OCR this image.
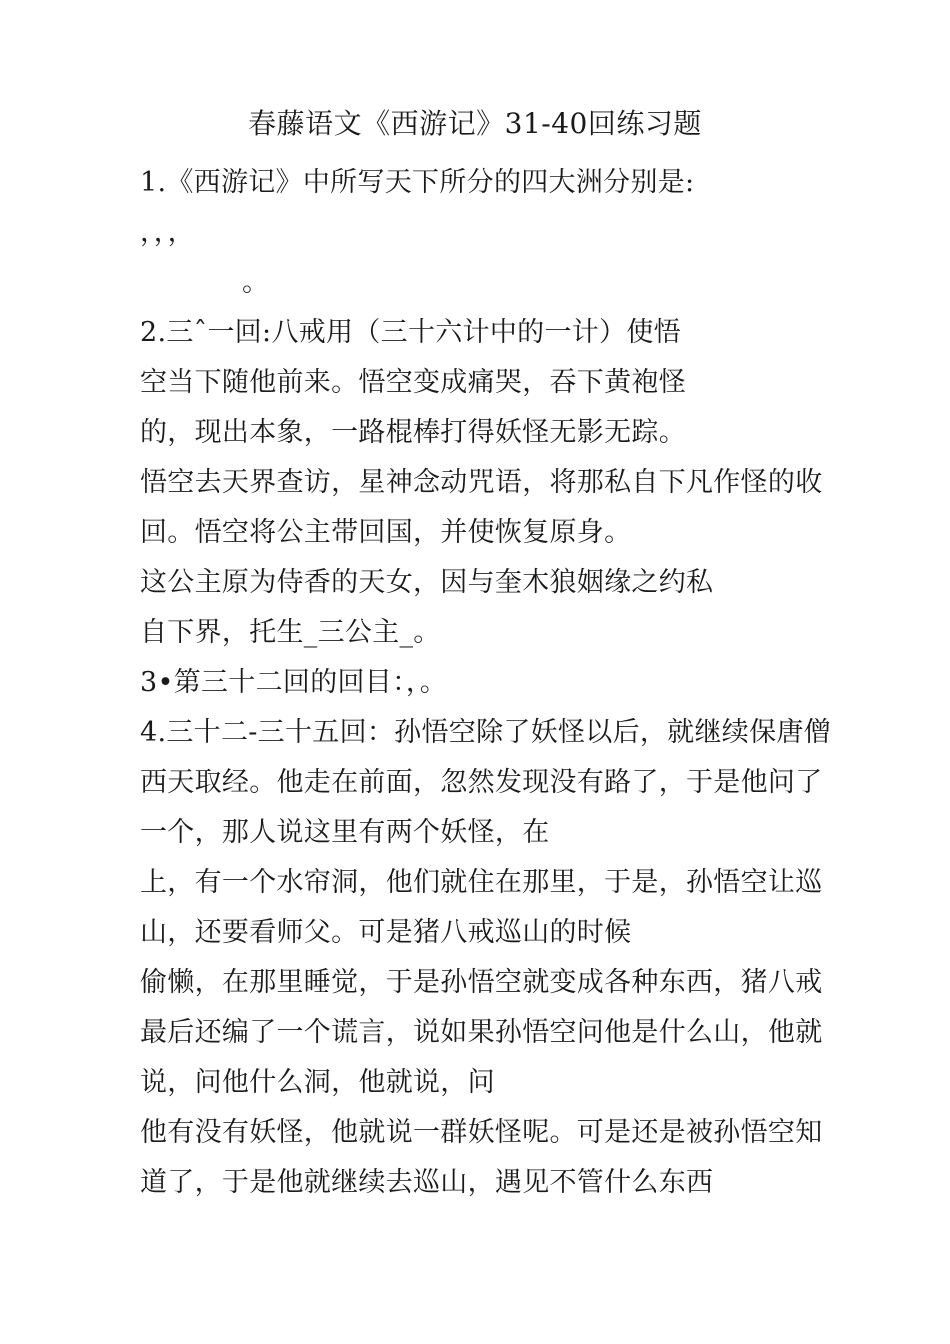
春藤语文《西游记》31-40回练习题
1.《西游记》中所写天下所分的四大洲分别是:
，，，
。
2.三ˆ一回:八戒用（三十六计中的一计）使悟
空当下随他前来。悟空变成痛哭，吞下黄袍怪
的，现出本象，一路棍棒打得妖怪无影无踪。
悟空去天界查访，星神念动咒语，将那私自下凡作怪的收
回。悟空将公主带回国，并使恢复原身。
这公主原为侍香的天女，因与奎木狼姻缘之约私
自下界，托生_三公主_。
3•第三十二回的回目：，。
4.三十二-三十五回：孙悟空除了妖怪以后，就继续保唐僧
西天取经。他走在前面，忽然发现没有路了，于是他问了
一个，那人说这里有两个妖怪，在
上，有一个水帘洞，他们就住在那里，于是，孙悟空让巡
山，还要看师父。可是猪八戒巡山的时候
偷懒，在那里睡觉，于是孙悟空就变成各种东西，猪八戒
最后还编了一个谎言，说如果孙悟空问他是什么山，他就
说，问他什么洞，他就说，问
他有没有妖怪，他就说一群妖怪呢。可是还是被孙悟空知
道了，于是他就继续去巡山，遇见不管什么东西
